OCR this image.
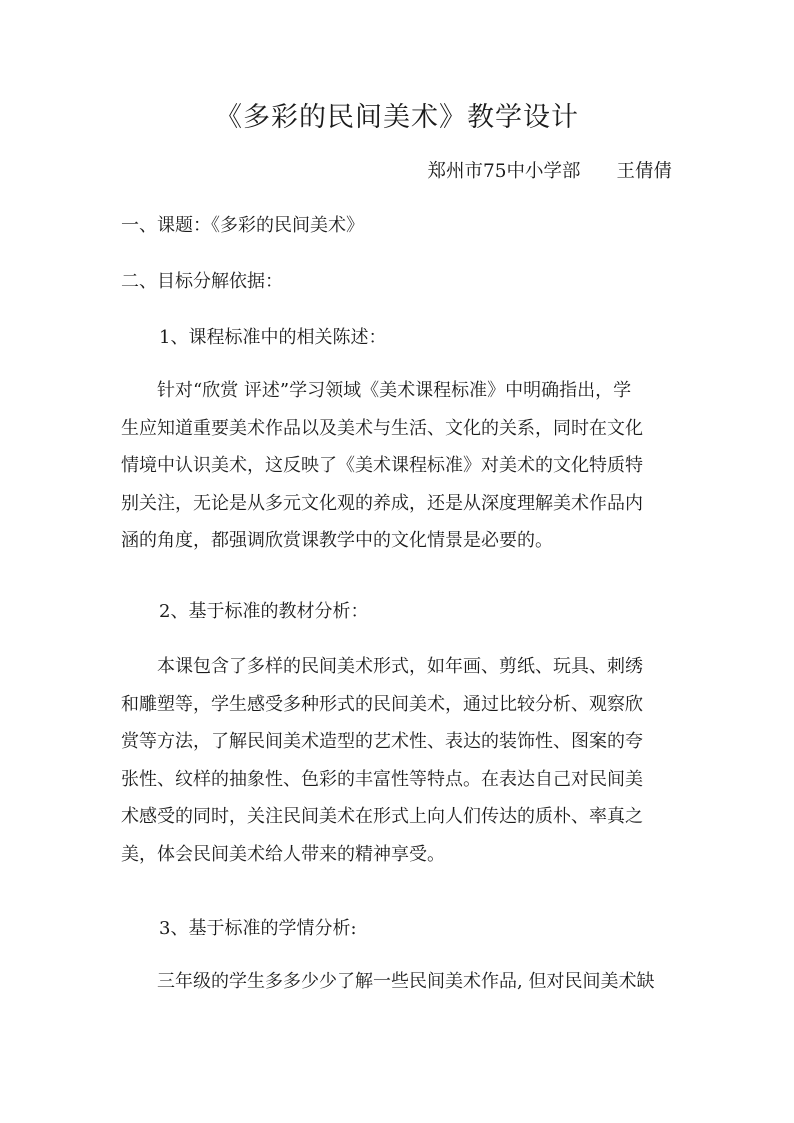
《多彩的民间美术》教学设计
郑州市75中小学部 王倩倩
一、课题：《多彩的民间美术》
二、目标分解依据：
1、课程标准中的相关陈述：
针对“欣赏 评述”学习领域《美术课程标准》中明确指出，学
生应知道重要美术作品以及美术与生活、文化的关系，同时在文化
情境中认识美术，这反映了《美术课程标准》对美术的文化特质特
别关注，无论是从多元文化观的养成，还是从深度理解美术作品内
涵的角度，都强调欣赏课教学中的文化情景是必要的。
2、基于标准的教材分析：
本课包含了多样的民间美术形式，如年画、剪纸、玩具、刺绣
和雕塑等，学生感受多种形式的民间美术，通过比较分析、观察欣
赏等方法，了解民间美术造型的艺术性、表达的装饰性、图案的夸
张性、纹样的抽象性、色彩的丰富性等特点。在表达自己对民间美
术感受的同时，关注民间美术在形式上向人们传达的质朴、率真之
美，体会民间美术给人带来的精神享受。
3、基于标准的学情分析:
三年级的学生多多少少了解一些民间美术作品, 但对民间美术缺
